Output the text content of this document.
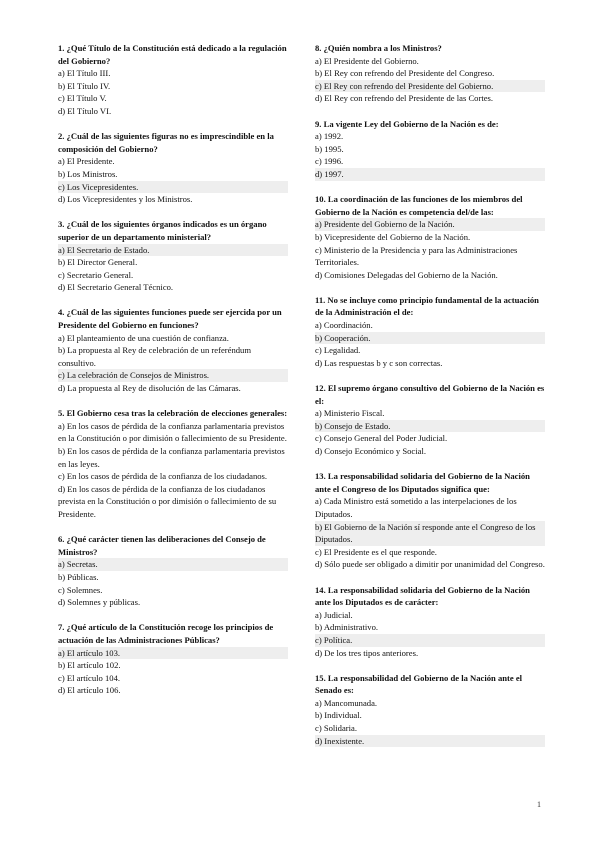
1. ¿Qué Título de la Constitución está dedicado a la regulación del Gobierno?
a) El Título III.
b) El Título IV.
c) El Título V.
d) El Título VI.
2. ¿Cuál de las siguientes figuras no es imprescindible en la composición del Gobierno?
a) El Presidente.
b) Los Ministros.
c) Los Vicepresidentes.
d) Los Vicepresidentes y los Ministros.
3. ¿Cuál de los siguientes órganos indicados es un órgano superior de un departamento ministerial?
a) El Secretario de Estado.
b) El Director General.
c) Secretario General.
d) El Secretario General Técnico.
4. ¿Cuál de las siguientes funciones puede ser ejercida por un Presidente del Gobierno en funciones?
a) El planteamiento de una cuestión de confianza.
b) La propuesta al Rey de celebración de un referéndum consultivo.
c) La celebración de Consejos de Ministros.
d) La propuesta al Rey de disolución de las Cámaras.
5. El Gobierno cesa tras la celebración de elecciones generales:
a) En los casos de pérdida de la confianza parlamentaria previstos en la Constitución o por dimisión o fallecimiento de su Presidente.
b) En los casos de pérdida de la confianza parlamentaria previstos en las leyes.
c) En los casos de pérdida de la confianza de los ciudadanos.
d) En los casos de pérdida de la confianza de los ciudadanos prevista en la Constitución o por dimisión o fallecimiento de su Presidente.
6. ¿Qué carácter tienen las deliberaciones del Consejo de Ministros?
a) Secretas.
b) Públicas.
c) Solemnes.
d) Solemnes y públicas.
7. ¿Qué artículo de la Constitución recoge los principios de actuación de las Administraciones Públicas?
a) El artículo 103.
b) El artículo 102.
c) El artículo 104.
d) El artículo 106.
8. ¿Quién nombra a los Ministros?
a) El Presidente del Gobierno.
b) El Rey con refrendo del Presidente del Congreso.
c) El Rey con refrendo del Presidente del Gobierno.
d) El Rey con refrendo del Presidente de las Cortes.
9. La vigente Ley del Gobierno de la Nación es de:
a) 1992.
b) 1995.
c) 1996.
d) 1997.
10. La coordinación de las funciones de los miembros del Gobierno de la Nación es competencia del/de las:
a) Presidente del Gobierno de la Nación.
b) Vicepresidente del Gobierno de la Nación.
c) Ministerio de la Presidencia y para las Administraciones Territoriales.
d) Comisiones Delegadas del Gobierno de la Nación.
11. No se incluye como principio fundamental de la actuación de la Administración el de:
a) Coordinación.
b) Cooperación.
c) Legalidad.
d) Las respuestas b y c son correctas.
12. El supremo órgano consultivo del Gobierno de la Nación es el:
a) Ministerio Fiscal.
b) Consejo de Estado.
c) Consejo General del Poder Judicial.
d) Consejo Económico y Social.
13. La responsabilidad solidaria del Gobierno de la Nación ante el Congreso de los Diputados significa que:
a) Cada Ministro está sometido a las interpelaciones de los Diputados.
b) El Gobierno de la Nación sí responde ante el Congreso de los Diputados.
c) El Presidente es el que responde.
d) Sólo puede ser obligado a dimitir por unanimidad del Congreso.
14. La responsabilidad solidaria del Gobierno de la Nación ante los Diputados es de carácter:
a) Judicial.
b) Administrativo.
c) Política.
d) De los tres tipos anteriores.
15. La responsabilidad del Gobierno de la Nación ante el Senado es:
a) Mancomunada.
b) Individual.
c) Solidaria.
d) Inexistente.
1
